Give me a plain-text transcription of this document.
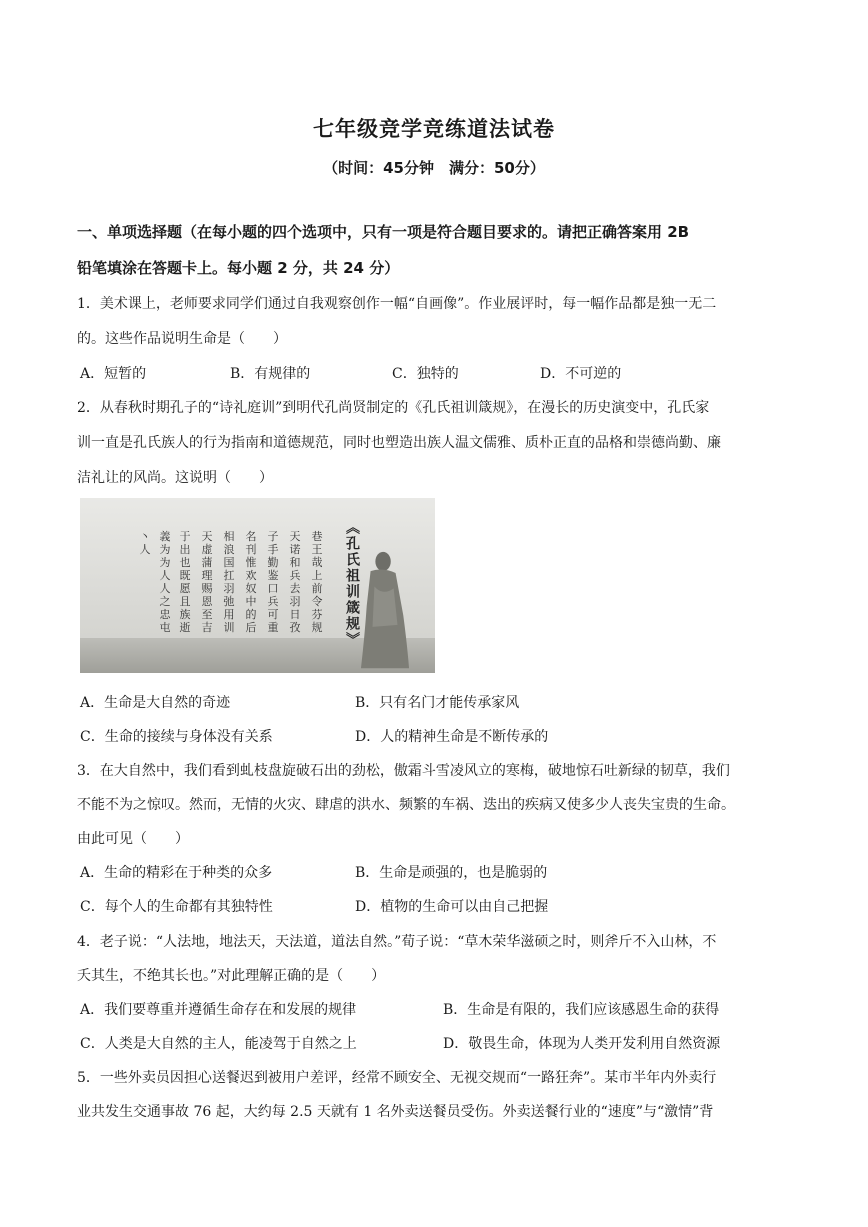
七年级竞学竞练道法试卷
（时间：45分钟　满分：50分）
一、单项选择题（在每小题的四个选项中，只有一项是符合题目要求的。请把正确答案用 2B
铅笔填涂在答题卡上。每小题 2 分，共 24 分）
1．美术课上，老师要求同学们通过自我观察创作一幅“自画像”。作业展评时，每一幅作品都是独一无二
的。这些作品说明生命是（　　）
A．短暂的	B．有规律的	C．独特的	D．不可逆的
2．从春秋时期孔子的“诗礼庭训”到明代孔尚贤制定的《孔氏祖训箴规》，在漫长的历史演变中，孔氏家
训一直是孔氏族人的行为指南和道德规范，同时也塑造出族人温文儒雅、质朴正直的品格和崇德尚勤、廉
洁礼让的风尚。这说明（　　）
丶
人
義
为
为
人
人
之
忠
屯
于
出
也
既
愿
且
族
逝
天
虚
蒲
理
赐
恩
至
吉
相
浪
国
扛
羽
弛
用
训
名
刊
惟
欢
奴
中
的
后
子
手
勤
鉴
口
兵
可
重
天
诺
和
兵
去
羽
日
孜
巷
王
哉
上
前
令
芬
规	《孔氏祖训箴规》
A．生命是大自然的奇迹	B．只有名门才能传承家风
C．生命的接续与身体没有关系	D．人的精神生命是不断传承的
3．在大自然中，我们看到虬枝盘旋破石出的劲松，傲霜斗雪凌风立的寒梅，破地惊石吐新绿的韧草，我们
不能不为之惊叹。然而，无情的火灾、肆虐的洪水、频繁的车祸、迭出的疾病又使多少人丧失宝贵的生命。
由此可见（　　）
A．生命的精彩在于种类的众多	B．生命是顽强的，也是脆弱的
C．每个人的生命都有其独特性	D．植物的生命可以由自己把握
4．老子说：“人法地，地法天，天法道，道法自然。”荀子说：“草木荣华滋硕之时，则斧斤不入山林，不
夭其生，不绝其长也。”对此理解正确的是（　　）
A．我们要尊重并遵循生命存在和发展的规律	B．生命是有限的，我们应该感恩生命的获得
C．人类是大自然的主人，能凌驾于自然之上	D．敬畏生命，体现为人类开发利用自然资源
5．一些外卖员因担心送餐迟到被用户差评，经常不顾安全、无视交规而“一路狂奔”。某市半年内外卖行
业共发生交通事故 76 起，大约每 2.5 天就有 1 名外卖送餐员受伤。外卖送餐行业的“速度”与“激情”背
